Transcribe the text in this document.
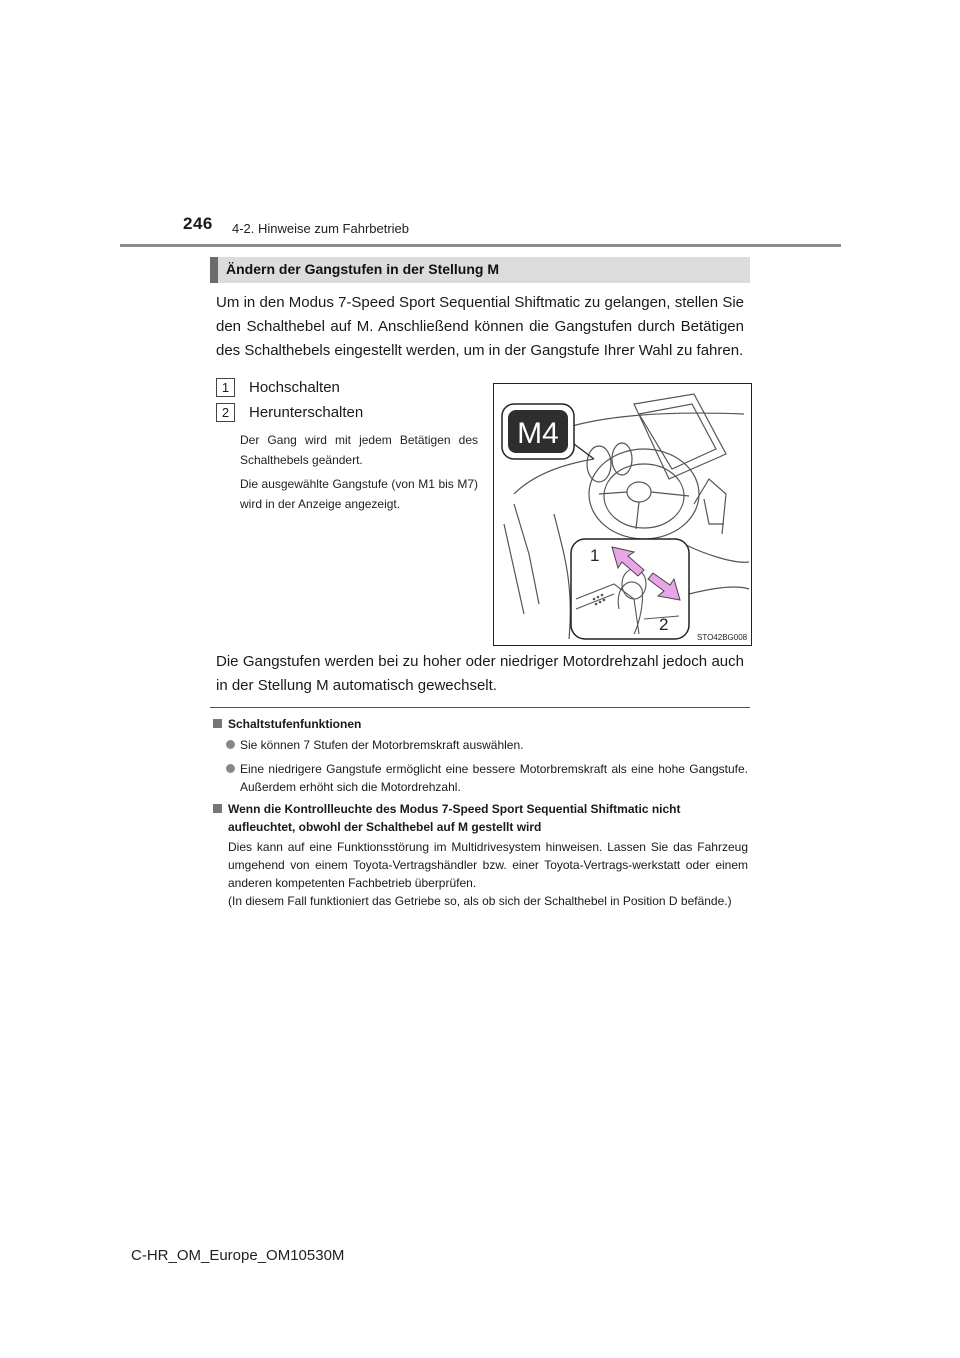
246 4-2. Hinweise zum Fahrbetrieb
Ändern der Gangstufen in der Stellung M
Um in den Modus 7-Speed Sport Sequential Shiftmatic zu gelangen, stellen Sie den Schalthebel auf M. Anschließend können die Gangstufen durch Betätigen des Schalthebels eingestellt werden, um in der Gangstufe Ihrer Wahl zu fahren.
1	Hochschalten
2	Herunterschalten
Der Gang wird mit jedem Betätigen des Schalthebels geändert.
Die ausgewählte Gangstufe (von M1 bis M7) wird in der Anzeige angezeigt.
M4
1
2
STO42BG008
Die Gangstufen werden bei zu hoher oder niedriger Motordrehzahl jedoch auch in der Stellung M automatisch gewechselt.
Schaltstufenfunktionen
Sie können 7 Stufen der Motorbremskraft auswählen.
Eine niedrigere Gangstufe ermöglicht eine bessere Motorbremskraft als eine hohe Gangstufe. Außerdem erhöht sich die Motordrehzahl.
Wenn die Kontrollleuchte des Modus 7-Speed Sport Sequential Shiftmatic nicht aufleuchtet, obwohl der Schalthebel auf M gestellt wird
Dies kann auf eine Funktionsstörung im Multidrivesystem hinweisen. Lassen Sie das Fahrzeug umgehend von einem Toyota-Vertragshändler bzw. einer Toyota-Vertrags-werkstatt oder einem anderen kompetenten Fachbetrieb überprüfen.
(In diesem Fall funktioniert das Getriebe so, als ob sich der Schalthebel in Position D befände.)
C-HR_OM_Europe_OM10530M
